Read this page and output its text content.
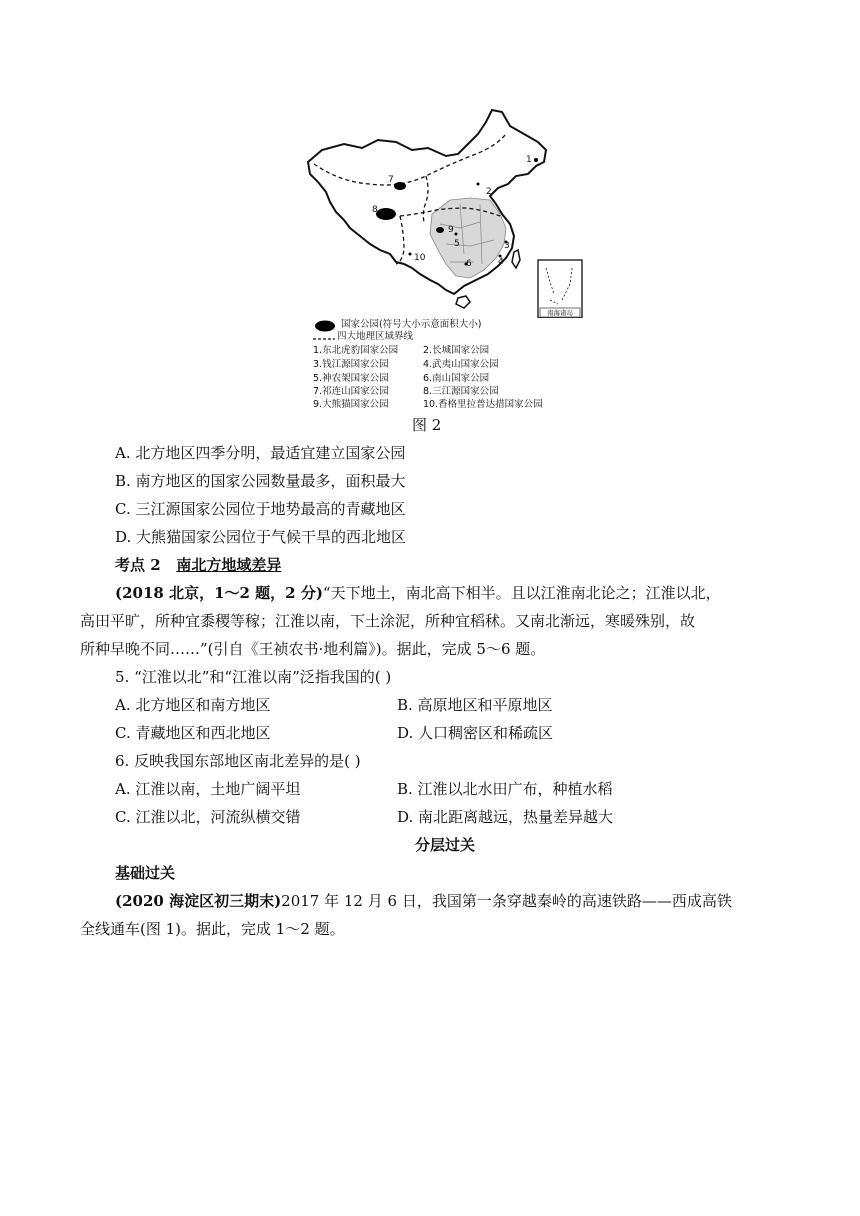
1
2
3
4
5
6
7
8
9
10
南海诸岛
国家公园(符号大小示意面积大小)
四大地理区域界线
1.东北虎豹国家公园	2.长城国家公园
3.钱江源国家公园	4.武夷山国家公园
5.神农架国家公园	6.南山国家公园
7.祁连山国家公园	8.三江源国家公园
9.大熊猫国家公园	10.香格里拉普达措国家公园
图 2
A. 北方地区四季分明，最适宜建立国家公园
B. 南方地区的国家公园数量最多，面积最大
C. 三江源国家公园位于地势最高的青藏地区
D. 大熊猫国家公园位于气候干旱的西北地区
考点 2 南北方地域差异
(2018 北京，1～2 题，2 分)“天下地土，南北高下相半。且以江淮南北论之；江淮以北，
高田平旷，所种宜黍稷等稼；江淮以南，下土涂泥，所种宜稻秫。又南北渐远，寒暖殊别，故
所种早晚不同……”(引自《王祯农书·地利篇》)。据此，完成 5～6 题。
5. “江淮以北”和“江淮以南”泛指我国的( )
A. 北方地区和南方地区	B. 高原地区和平原地区
C. 青藏地区和西北地区	D. 人口稠密区和稀疏区
6. 反映我国东部地区南北差异的是( )
A. 江淮以南，土地广阔平坦	B. 江淮以北水田广布，种植水稻
C. 江淮以北，河流纵横交错	D. 南北距离越远，热量差异越大
分层过关
基础过关
(2020 海淀区初三期末)2017 年 12 月 6 日，我国第一条穿越秦岭的高速铁路——西成高铁
全线通车(图 1)。据此，完成 1～2 题。
